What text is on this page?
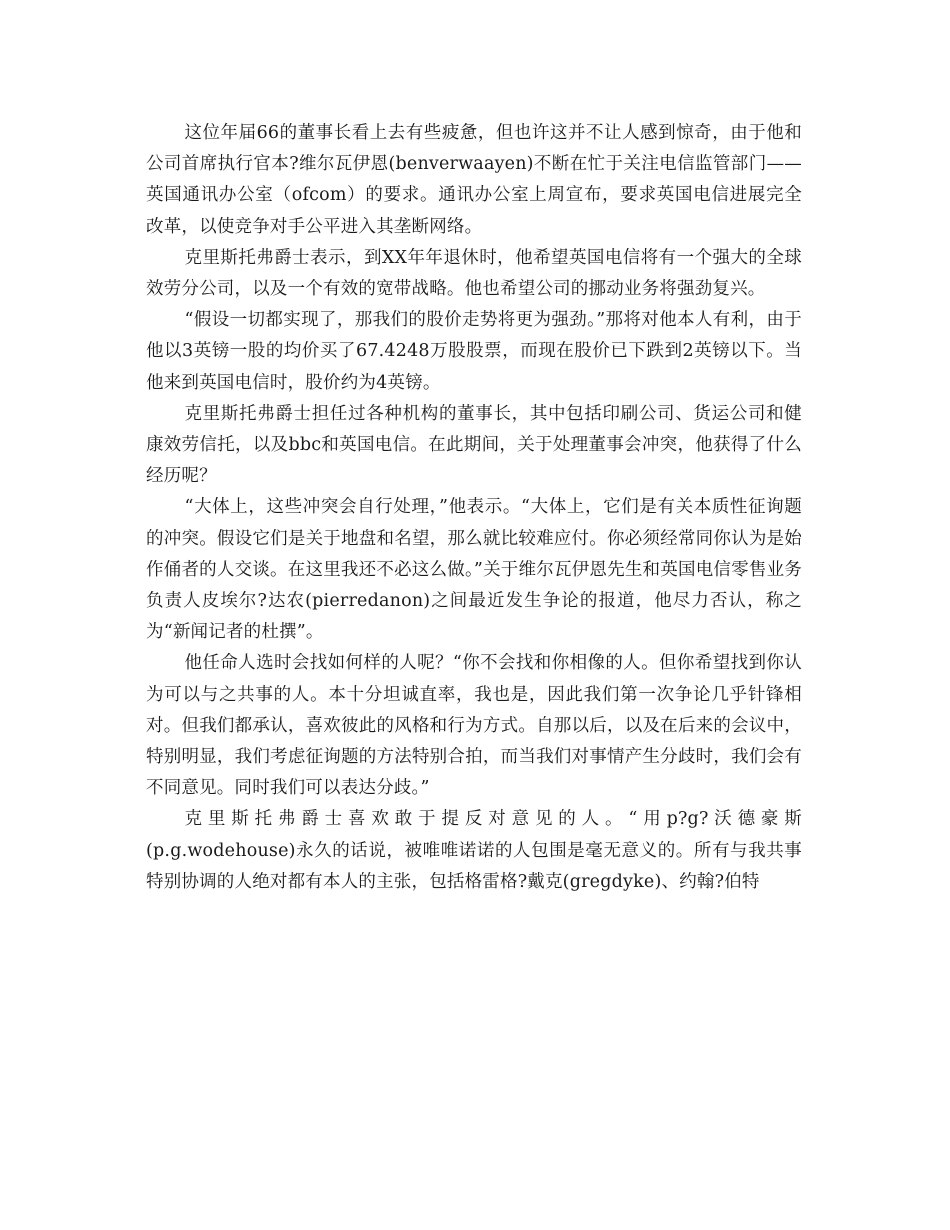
这位年届66的董事长看上去有些疲惫，但也许这并不让人感到惊奇，由于他和公司首席执行官本?维尔瓦伊恩(benverwaayen)不断在忙于关注电信监管部门——英国通讯办公室（ofcom）的要求。通讯办公室上周宣布，要求英国电信进展完全改革，以使竞争对手公平进入其垄断网络。

克里斯托弗爵士表示，到XX年年退休时，他希望英国电信将有一个强大的全球效劳分公司，以及一个有效的宽带战略。他也希望公司的挪动业务将强劲复兴。

“假设一切都实现了，那我们的股价走势将更为强劲。”那将对他本人有利，由于他以3英镑一股的均价买了67.4248万股股票，而现在股价已下跌到2英镑以下。当他来到英国电信时，股价约为4英镑。

克里斯托弗爵士担任过各种机构的董事长，其中包括印刷公司、货运公司和健康效劳信托，以及bbc和英国电信。在此期间，关于处理董事会冲突，他获得了什么经历呢？

“大体上，这些冲突会自行处理，”他表示。“大体上，它们是有关本质性征询题的冲突。假设它们是关于地盘和名望，那么就比较难应付。你必须经常同你认为是始作俑者的人交谈。在这里我还不必这么做。”关于维尔瓦伊恩先生和英国电信零售业务负责人皮埃尔?达农(pierredanon)之间最近发生争论的报道，他尽力否认，称之为“新闻记者的杜撰”。

他任命人选时会找如何样的人呢？“你不会找和你相像的人。但你希望找到你认为可以与之共事的人。本十分坦诚直率，我也是，因此我们第一次争论几乎针锋相对。但我们都承认，喜欢彼此的风格和行为方式。自那以后，以及在后来的会议中，特别明显，我们考虑征询题的方法特别合拍，而当我们对事情产生分歧时，我们会有不同意见。同时我们可以表达分歧。”

克里斯托弗爵士喜欢敢于提反对意见的人。“用p?g?沃德豪斯(p.g.wodehouse)永久的话说，被唯唯诺诺的人包围是毫无意义的。所有与我共事特别协调的人绝对都有本人的主张，包括格雷格?戴克(gregdyke)、约翰?伯特
